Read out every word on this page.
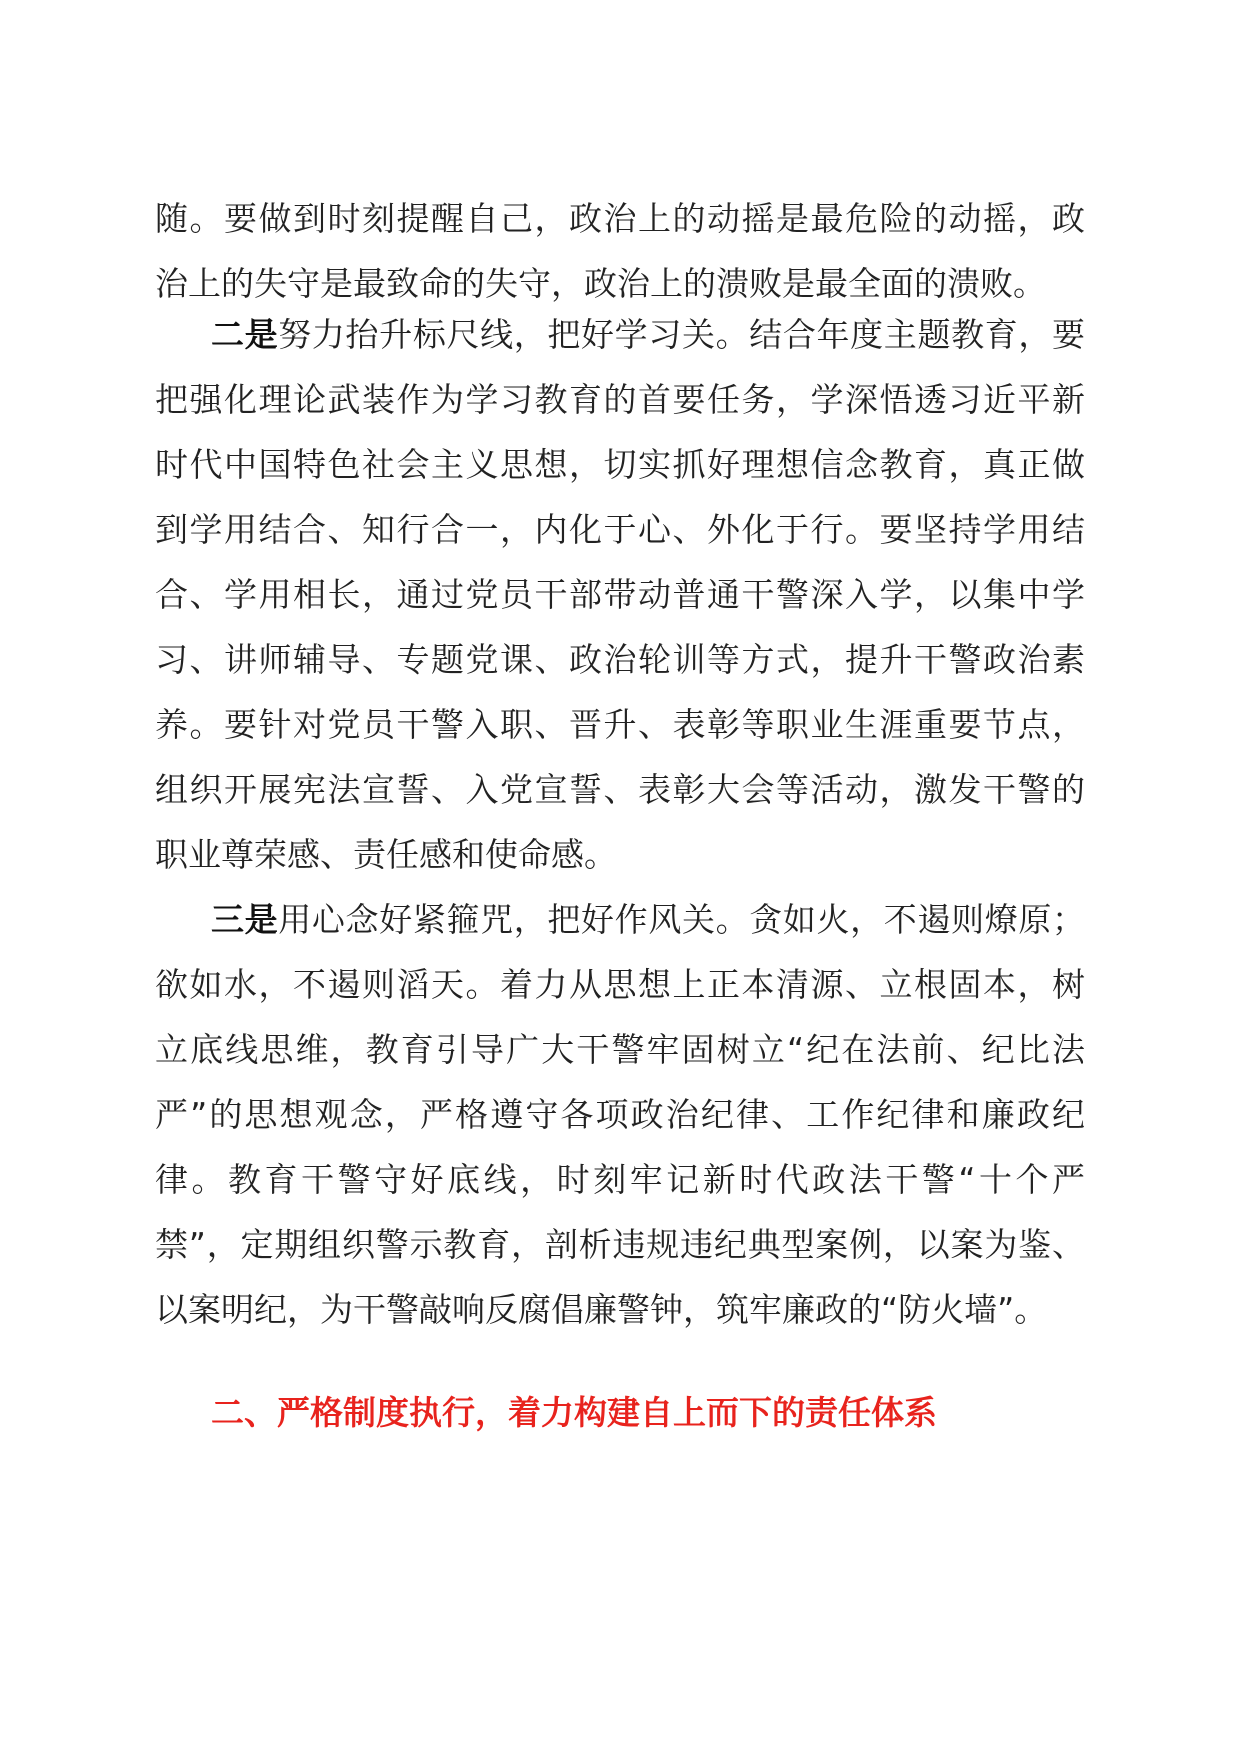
随。要做到时刻提醒自己，政治上的动摇是最危险的动摇，政
治上的失守是最致命的失守，政治上的溃败是最全面的溃败。
二是努力抬升标尺线，把好学习关。结合年度主题教育，要
把强化理论武装作为学习教育的首要任务，学深悟透习近平新
时代中国特色社会主义思想，切实抓好理想信念教育，真正做
到学用结合、知行合一，内化于心、外化于行。要坚持学用结
合、学用相长，通过党员干部带动普通干警深入学，以集中学
习、讲师辅导、专题党课、政治轮训等方式，提升干警政治素
养。要针对党员干警入职、晋升、表彰等职业生涯重要节点，
组织开展宪法宣誓、入党宣誓、表彰大会等活动，激发干警的
职业尊荣感、责任感和使命感。
三是用心念好紧箍咒，把好作风关。贪如火，不遏则燎原；
欲如水，不遏则滔天。着力从思想上正本清源、立根固本，树
立底线思维，教育引导广大干警牢固树立“纪在法前、纪比法
严”的思想观念，严格遵守各项政治纪律、工作纪律和廉政纪
律。教育干警守好底线，时刻牢记新时代政法干警“十个严
禁”，定期组织警示教育，剖析违规违纪典型案例，以案为鉴、
以案明纪，为干警敲响反腐倡廉警钟，筑牢廉政的“防火墙”。
二、严格制度执行，着力构建自上而下的责任体系
